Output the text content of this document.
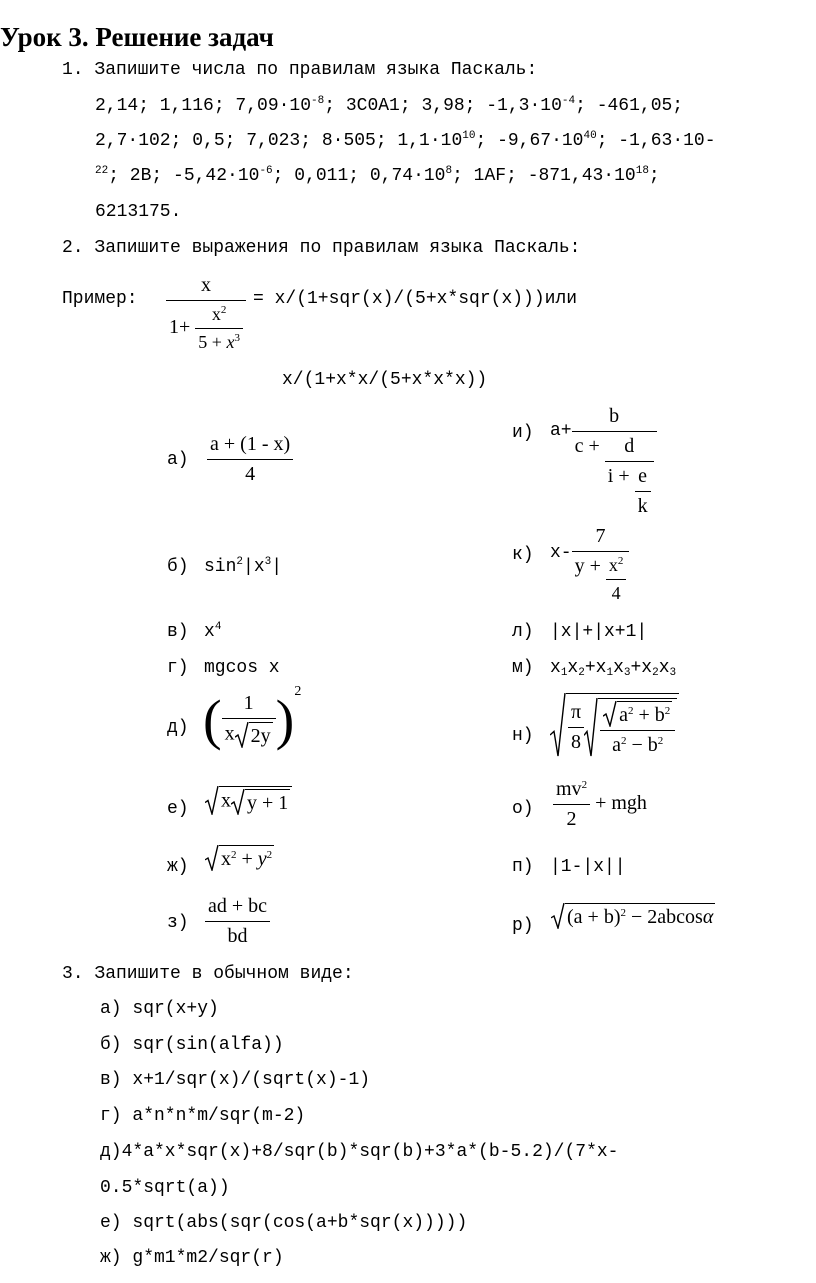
Урок 3. Решение задач
1. Запишите числа по правилам языка Паскаль:
2,14; 1,116; $7,09\cdot 10^{-8}$; 3C0A1; 3,98; $-1,3\cdot 10^{-4}$; -461,05;
2,7·102; 0,5; 7,023; 8·505; $1,1\cdot 10^{10}$; $-9,67\cdot 10^{40}$; -1,63·10-
$^{22}$; 2B; $-5,42\cdot 10^{-6}$; 0,011; $0,74\cdot 10^8$; 1AF; $-871,43\cdot 10^{18}$;
6213175.
2. Запишите выражения по правилам языка Паскаль:
Пример: $\frac{x}{1+ \frac{x^2}{5 + x^3}} = x/(1+sqr(x)/(5+x*sqr(x)))или$
x/(1+x*x/(5+x*x*x))
$а) \frac{a + (1 - x)}{4}$
б) $\sin^2|x^3|$
в) $x^4$
г) mgcos x
д) ( $\frac{1}{x 2y} )^2$
е) x y + 1
ж) $x^2 + y^2$
$з) \frac{ad + bc}{bd}$
и) $a+ \frac{b}{c + \frac{d}{i + \frac{e}{k}}}$
к) $x- \frac{7}{y + \frac{x^2}{4}}$
л) |x|+|x+1|
м) $x_1x_2+x_1x_3+x_2x_3$
$н) \frac{\pi}{8} \frac{a^2 + b^2}{a^2 - b^2}$
$о) \frac{mv^2}{2}$ + mgh
п) |1-|x||
р) $(a + b)^2 - 2abcos\alpha$
3. Запишите в обычном виде:
а) sqr(x+y)
б) sqr(sin(alfa))
в) x+1/sqr(x)/(sqrt(x)-1)
г) a*n*n*m/sqr(m-2)
д)4*a*x*sqr(x)+8/sqr(b)*sqr(b)+3*a*(b-5.2)/(7*x-
0.5*sqrt(a))
е) sqrt(abs(sqr(cos(a+b*sqr(x)))))
ж) g*m1*m2/sqr(r)
